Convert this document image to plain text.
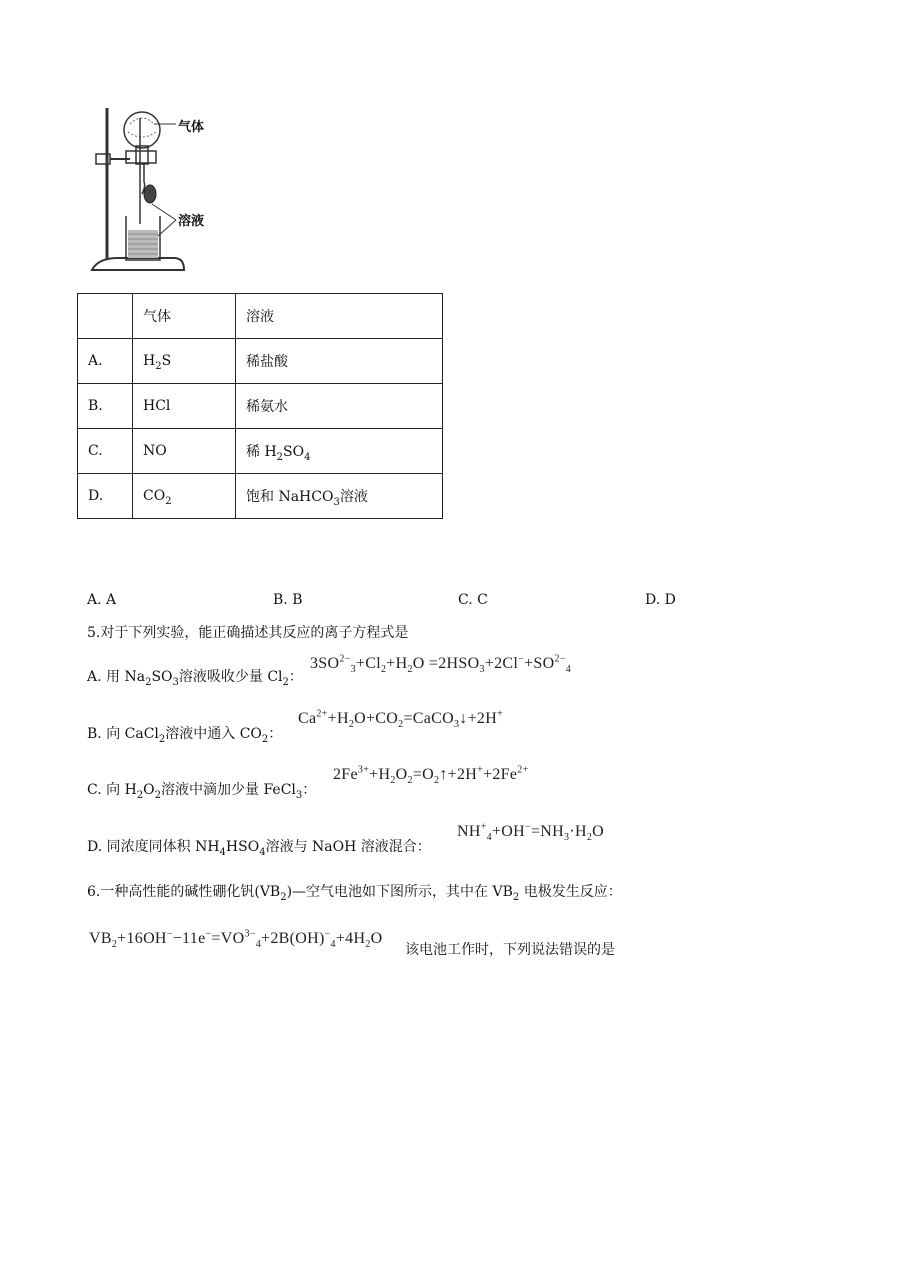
气体
溶液
	气体	溶液
A.	$H_2S$	稀盐酸
B.	HCl	稀氨水
C.	NO	稀 $H_2SO_4$
D.	$CO_2$	饱和 NaHCO$_3$溶液
A. A	B. B	C. C	D. D
5.对于下列实验，能正确描述其反应的离子方程式是
A. 用 $Na_2SO_3$溶液吸收少量 $Cl_2$：
$3SO^{2-}_3+Cl_2+H_2O =2HSO_3+2Cl^-+SO^{2-}_4$
B. 向 CaCl$_2$溶液中通入 $CO_2$：
$Ca^{2+}+H_2O+CO_2=CaCO_3↓+2H^+$
C. 向 $H_2O_2$溶液中滴加少量 FeCl$_3$：
$2Fe^{3+}+H_2O_2=O_2↑+2H^++2Fe^{2+}$
D. 同浓度同体积 $NH_4HSO_4$溶液与 NaOH 溶液混合：
$NH^+_4+OH^-=NH_3\cdot H_2O$
6.一种高性能的碱性硼化钒$(VB_2)—$空气电池如下图所示，其中在 $VB_2$ 电极发生反应：
$VB_2+16OH^--11e^-=VO^{3-}_4+2B(OH)^-_4+4H_2O$
该电池工作时，下列说法错误的是
